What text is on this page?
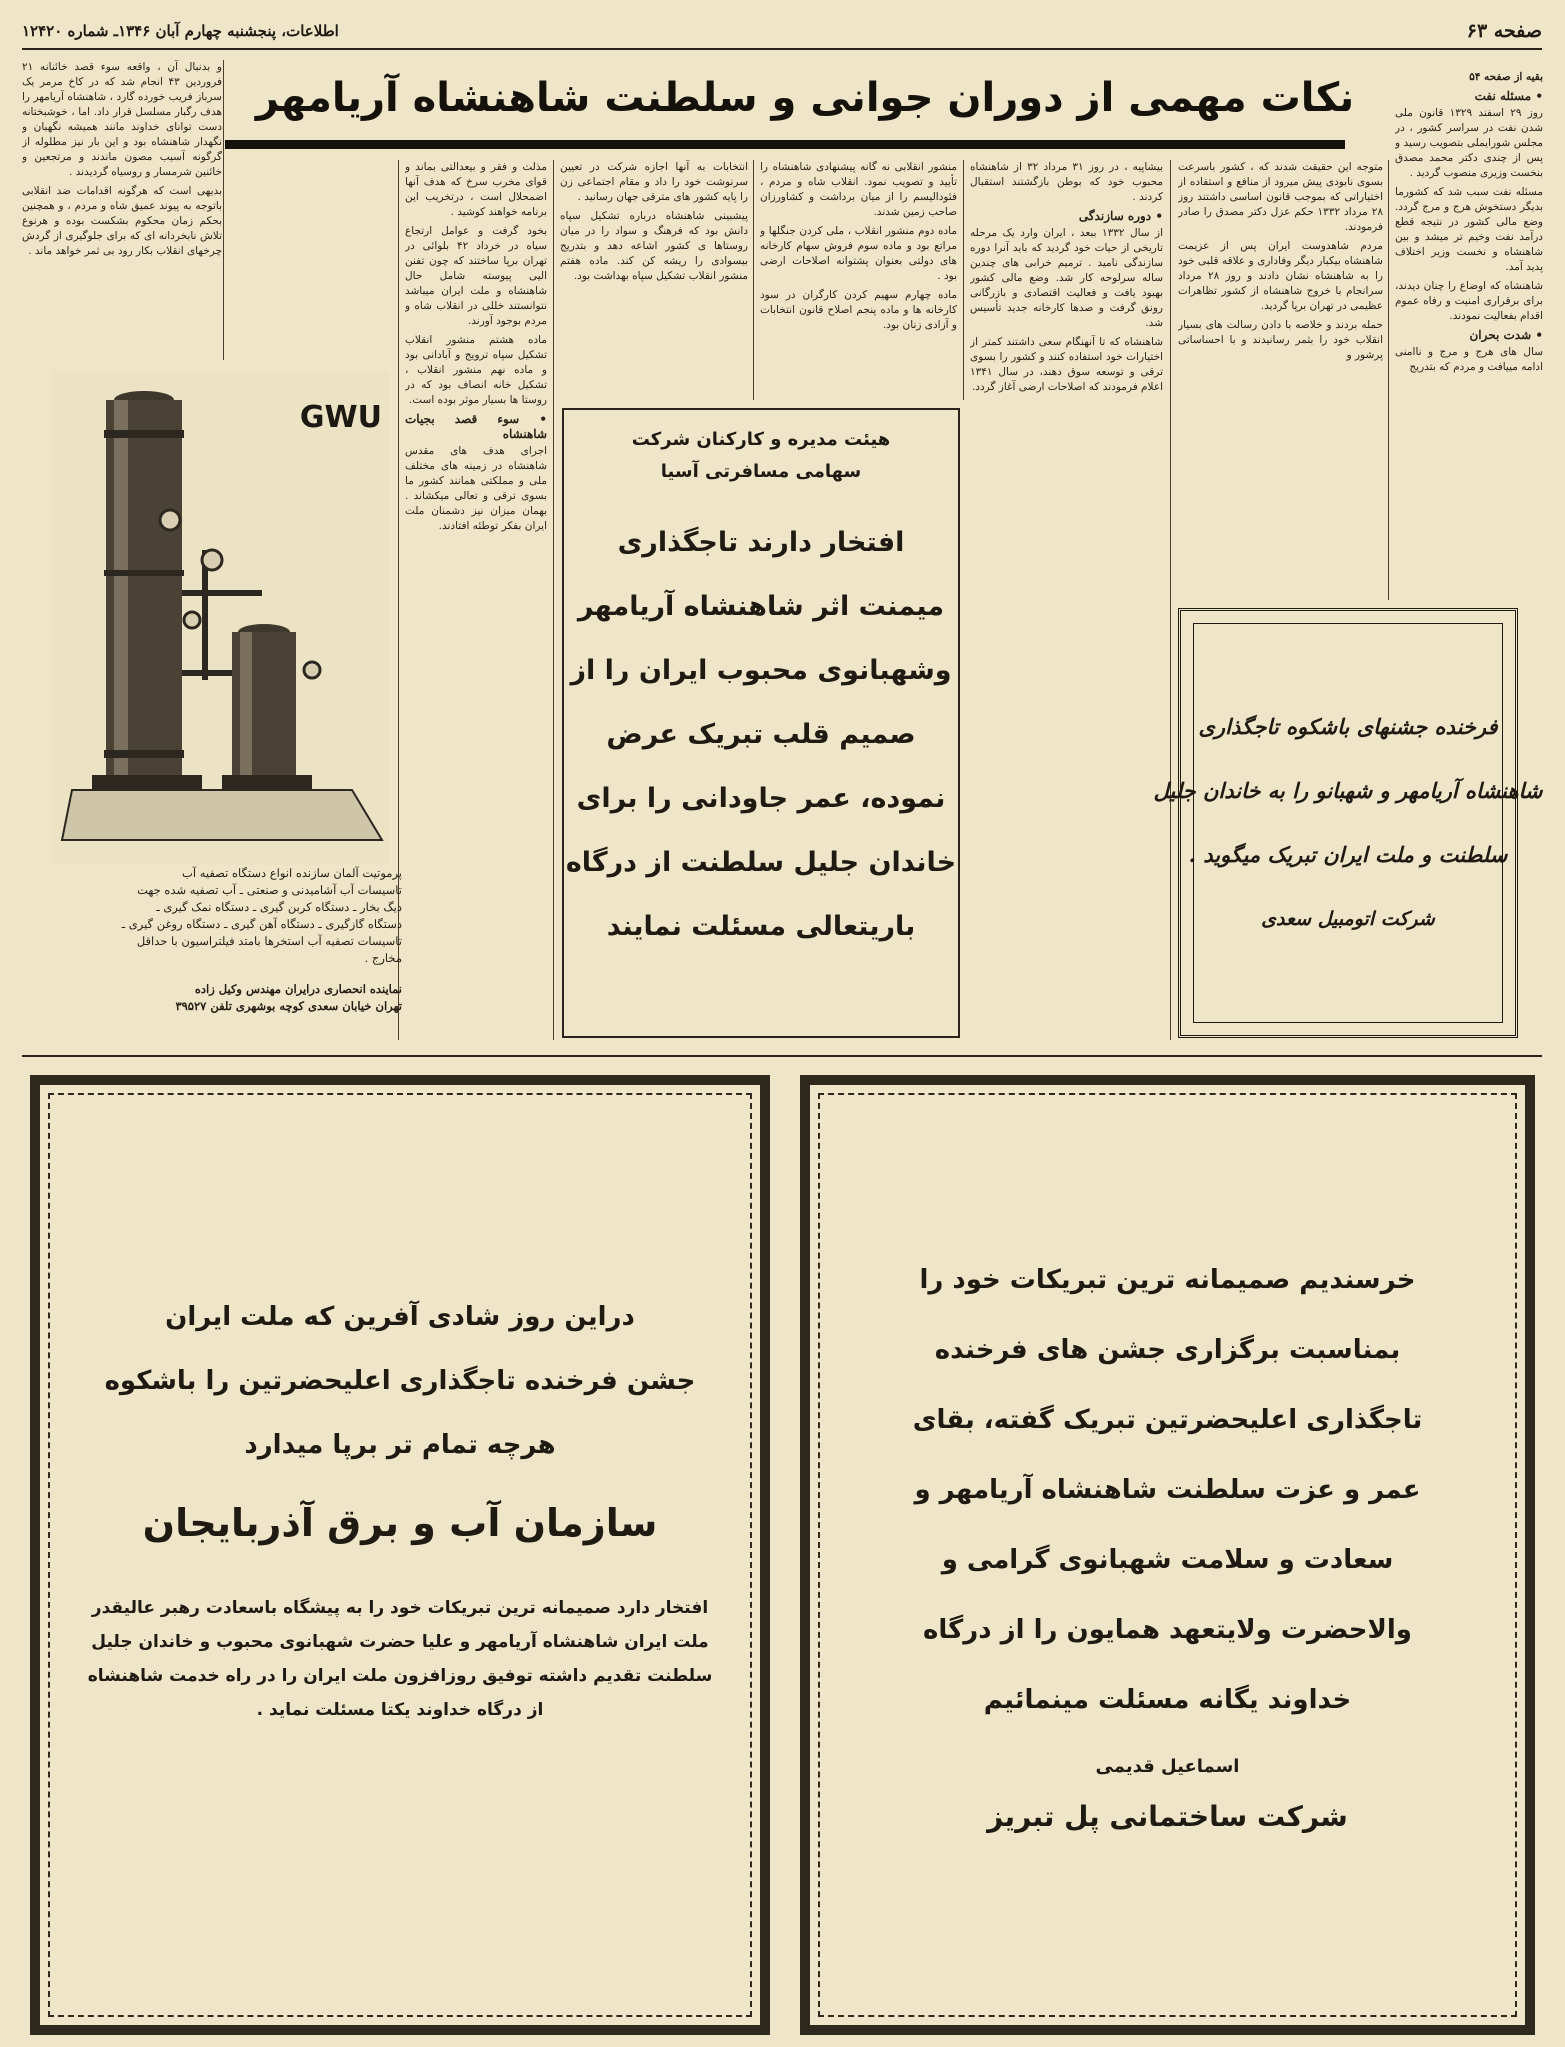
صفحه ۶۳
اطلاعات، پنجشنبه چهارم آبان ۱۳۴۶ـ شماره ۱۲۴۲۰
نکات مهمی از دوران جوانی و سلطنت شاهنشاه آریامهر	بقیه از صفحه ۵۴

• مسئله نفت

روز ۲۹ اسفند ۱۳۲۹ قانون ملی شدن نفت در سراسر کشور ، در مجلس شورایملی بتصویب رسید و پس از چندی دکتر محمد مصدق بنخست وزیری منصوب گردید .

مسئله نفت سبب شد که کشورما بدیگر دستخوش هرج و مرج گردد. وضع مالی کشور در نتیجه قطع درآمد نفت وخیم تر میشد و بین شاهنشاه و نخست وزیر اختلاف پدید آمد.

شاهنشاه که اوضاع را چنان دیدند، برای برقراری امنیت و رفاه عموم اقدام بفعالیت نمودند.

• شدت بحران

سال های هرج و مرج و ناامنی ادامه مییافت و مردم که بتدریج

متوجه این حقیقت شدند که ، کشور باسرعت بسوی نابودی پیش میرود از منافع و استفاده از اختیاراتی که بموجب قانون اساسی داشتند روز ۲۸ مرداد ۱۳۳۲ حکم عزل دکتر مصدق را صادر فرمودند.

مردم شاهدوست ایران پس از عزیمت شاهنشاه بیکبار دیگر وفاداری و علاقه قلبی خود را به شاهنشاه نشان دادند و روز ۲۸ مرداد سرانجام با خروج شاهنشاه از کشور تظاهرات عظیمی در تهران برپا گردید.

حمله بردند و خلاصه با دادن رسالت های بسیار انقلاب خود را بثمر رسانیدند و با احساساتی پرشور و

بیشاپیه ، در روز ۳۱ مرداد ۳۲ از شاهنشاه محبوب خود که بوطن بازگشتند استقبال کردند .

• دوره سازندگی

از سال ۱۳۳۲ ببعد ، ایران وارد یک مرحله تاریخی از حیات خود گردید که باید آنرا دوره سازندگی نامید . ترمیم خرابی های چندین ساله سرلوحه کار شد. وضع مالی کشور بهبود یافت و فعالیت اقتصادی و بازرگانی رونق گرفت و صدها کارخانه جدید تأسیس شد.

شاهنشاه که تا آنهنگام سعی داشتند کمتر از اختیارات خود استفاده کنند و کشور را بسوی ترقی و توسعه سوق دهند، در سال ۱۳۴۱ اعلام فرمودند که اصلاحات ارضی آغاز گردد.

منشور انقلابی نه گانه پیشنهادی شاهنشاه را تأیید و تصویب نمود. انقلاب شاه و مردم ، فئودالیسم را از میان برداشت و کشاورزان صاحب زمین شدند.

ماده دوم منشور انقلاب ، ملی کردن جنگلها و مراتع بود و ماده سوم فروش سهام کارخانه های دولتی بعنوان پشتوانه اصلاحات ارضی بود .

ماده چهارم سهیم کردن کارگران در سود کارخانه ها و ماده پنجم اصلاح قانون انتخابات و آزادی زنان بود.

انتخابات به آنها اجازه شرکت در تعیین سرنوشت خود را داد و مقام اجتماعی زن را پایه کشور های مترقی جهان رسانید .

پیشبینی شاهنشاه درباره تشکیل سپاه دانش بود که فرهنگ و سواد را در میان روستاها ی کشور اشاعه دهد و بتدریج بیسوادی را ریشه کن کند. ماده هفتم منشور انقلاب تشکیل سپاه بهداشت بود.

مذلت و فقر و بیعدالتی بماند و قوای مخرب سرخ که هدف آنها اضمحلال است ، درتخریب این برنامه خواهند کوشید .

بخود گرفت و عوامل ارتجاع سیاه در خرداد ۴۲ بلوائی در تهران برپا ساختند که چون تفنن الیی پیوسته شامل حال شاهنشاه و ملت ایران میباشد نتوانستند خللی در انقلاب شاه و مردم بوجود آورند.

ماده هشتم منشور انقلاب تشکیل سپاه ترویج و آبادانی بود و ماده نهم منشور انقلاب ، تشکیل خانه انصاف بود که در روستا ها بسیار موثر بوده است.

• سوء قصد بجیات شاهنشاه

اجرای هدف های مقدس شاهنشاه در زمینه های مختلف ملی و مملکتی همانند کشور ما بسوی ترقی و تعالی میکشاند . بهمان میزان نیز دشمنان ملت ایران بفکر توطئه افتادند.

و بدنبال آن ، واقعه سوء قصد خائنانه ۲۱ فروردین ۴۳ انجام شد که در کاخ مرمر یک سرباز فریب خورده گارد ، شاهنشاه آریامهر را هدف رگبار مسلسل قرار داد. اما ، خوشبختانه دست توانای خداوند مانند همیشه نگهبان و نگهدار شاهنشاه بود و این بار نیز مطلوله از گرگونه آسیب مصون ماندند و مرتجعین و خائنین شرمسار و روسیاه گردیدند .

بدیهی است که هرگونه اقدامات ضد انقلابی باتوجه به پیوند عمیق شاه و مردم ، و همچنین بحکم زمان محکوم بشکست بوده و هرنوع تلاش نابخردانه ای که برای جلوگیری از گردش چرخهای انقلاب بکار رود بی ثمر خواهد ماند .

GWU

پرموتیت آلمان سازنده انواع دستگاه تصفیه آب

تاسیسات آب آشامیدنی و صنعتی ـ آب تصفیه شده جهت

دیگ بخار ـ دستگاه کربن گیری ـ دستگاه نمک گیری ـ

دستگاه گازگیری ـ دستگاه آهن گیری ـ دستگاه روغن گیری ـ

تاسیسات تصفیه آب استخرها بامتد فیلتراسیون با حداقل

مخارج .

نماینده انحصاری درایران مهندس وکیل زاده

تهران خیابان سعدی کوچه بوشهری تلفن ۳۹۵۲۷

هیئت مدیره و کارکنان شرکت
سهامی مسافرتی آسیا
افتخار دارند تاجگذاری
میمنت اثر شاهنشاه آریامهر
وشهبانوی محبوب ایران را از
صمیم قلب تبریک عرض
نموده، عمر جاودانی را برای
خاندان جلیل سلطنت از درگاه
باریتعالی مسئلت نمایند
فرخنده جشنهای باشکوه تاجگذاری
شاهنشاه آریامهر و شهبانو را به خاندان جلیل
سلطنت و ملت ایران تبریک میگوید .
شرکت اتومبیل سعدی
دراین روز شادی آفرین که ملت ایران
جشن فرخنده تاجگذاری اعلیحضرتین را باشکوه
هرچه تمام تر برپا میدارد
سازمان آب و برق آذربایجان
افتخار دارد صمیمانه ترین تبریکات خود را به پیشگاه باسعادت رهبر عالیقدر ملت ایران شاهنشاه آریامهر و علیا حضرت شهبانوی محبوب و خاندان جلیل سلطنت تقدیم داشته توفیق روزافزون ملت ایران را در راه خدمت شاهنشاه از درگاه خداوند یکتا مسئلت نماید .
خرسندیم صمیمانه ترین تبریکات خود را
بمناسبت برگزاری جشن های فرخنده
تاجگذاری اعلیحضرتین تبریک گفته، بقای
عمر و عزت سلطنت شاهنشاه آریامهر و
سعادت و سلامت شهبانوی گرامی و
والاحضرت ولایتعهد همایون را از درگاه
خداوند یگانه مسئلت مینمائیم
اسماعیل قدیمی
شرکت ساختمانی پل تبریز
